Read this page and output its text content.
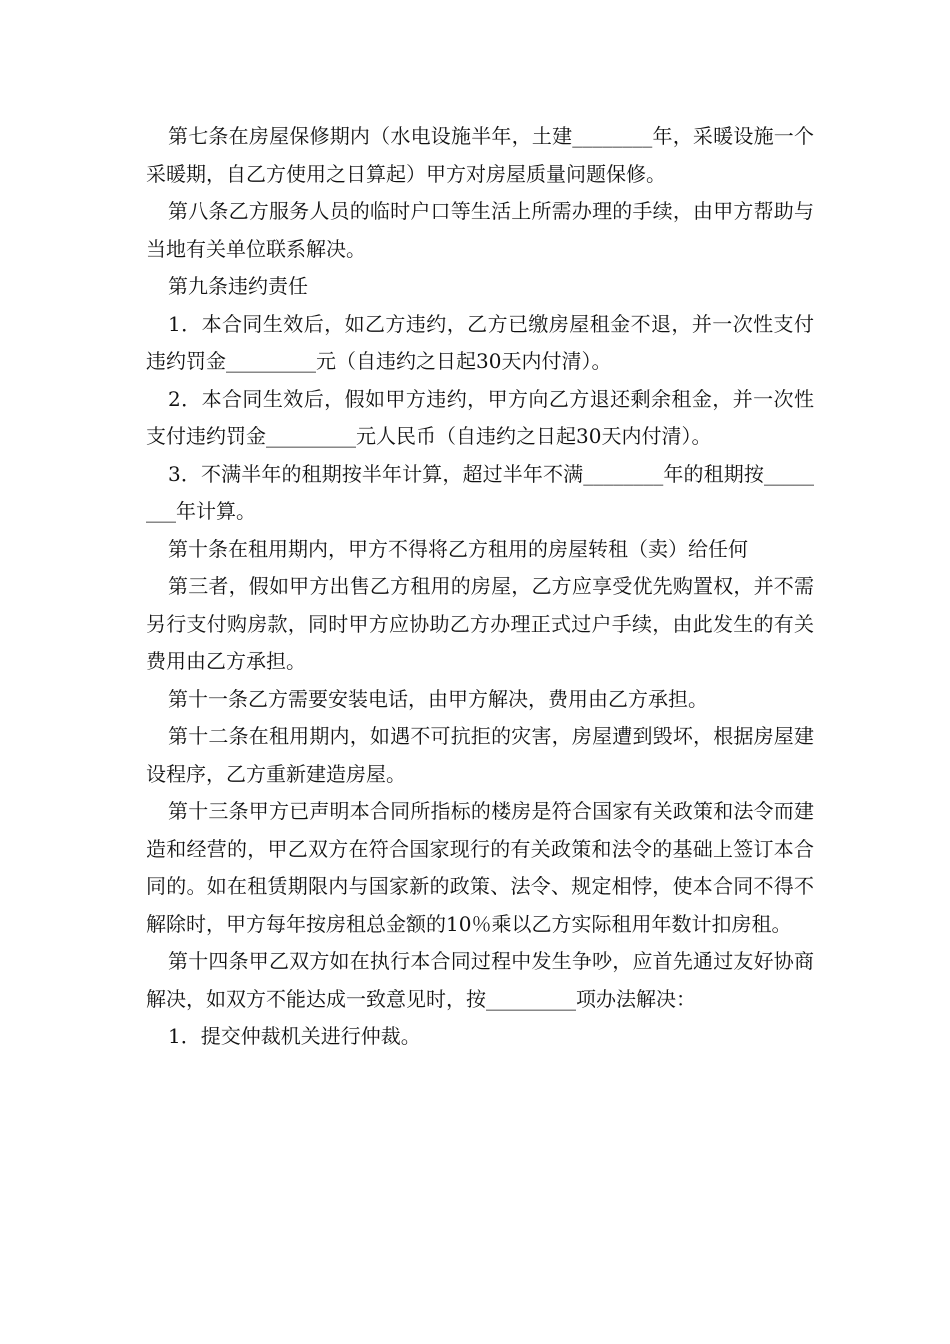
第七条在房屋保修期内（水电设施半年，土建________年，采暖设施一个采暖期，自乙方使用之日算起）甲方对房屋质量问题保修。

第八条乙方服务人员的临时户口等生活上所需办理的手续，由甲方帮助与当地有关单位联系解决。

第九条违约责任

1．本合同生效后，如乙方违约，乙方已缴房屋租金不退，并一次性支付违约罚金_________元（自违约之日起30天内付清）。

2．本合同生效后，假如甲方违约，甲方向乙方退还剩余租金，并一次性支付违约罚金_________元人民币（自违约之日起30天内付清）。

3．不满半年的租期按半年计算，超过半年不满________年的租期按________年计算。

第十条在租用期内，甲方不得将乙方租用的房屋转租（卖）给任何

第三者，假如甲方出售乙方租用的房屋，乙方应享受优先购置权，并不需另行支付购房款，同时甲方应协助乙方办理正式过户手续，由此发生的有关费用由乙方承担。

第十一条乙方需要安装电话，由甲方解决，费用由乙方承担。

第十二条在租用期内，如遇不可抗拒的灾害，房屋遭到毁坏，根据房屋建设程序，乙方重新建造房屋。

第十三条甲方已声明本合同所指标的楼房是符合国家有关政策和法令而建造和经营的，甲乙双方在符合国家现行的有关政策和法令的基础上签订本合同的。如在租赁期限内与国家新的政策、法令、规定相悖，使本合同不得不解除时，甲方每年按房租总金额的10％乘以乙方实际租用年数计扣房租。

第十四条甲乙双方如在执行本合同过程中发生争吵，应首先通过友好协商解决，如双方不能达成一致意见时，按_________项办法解决：

1．提交仲裁机关进行仲裁。
